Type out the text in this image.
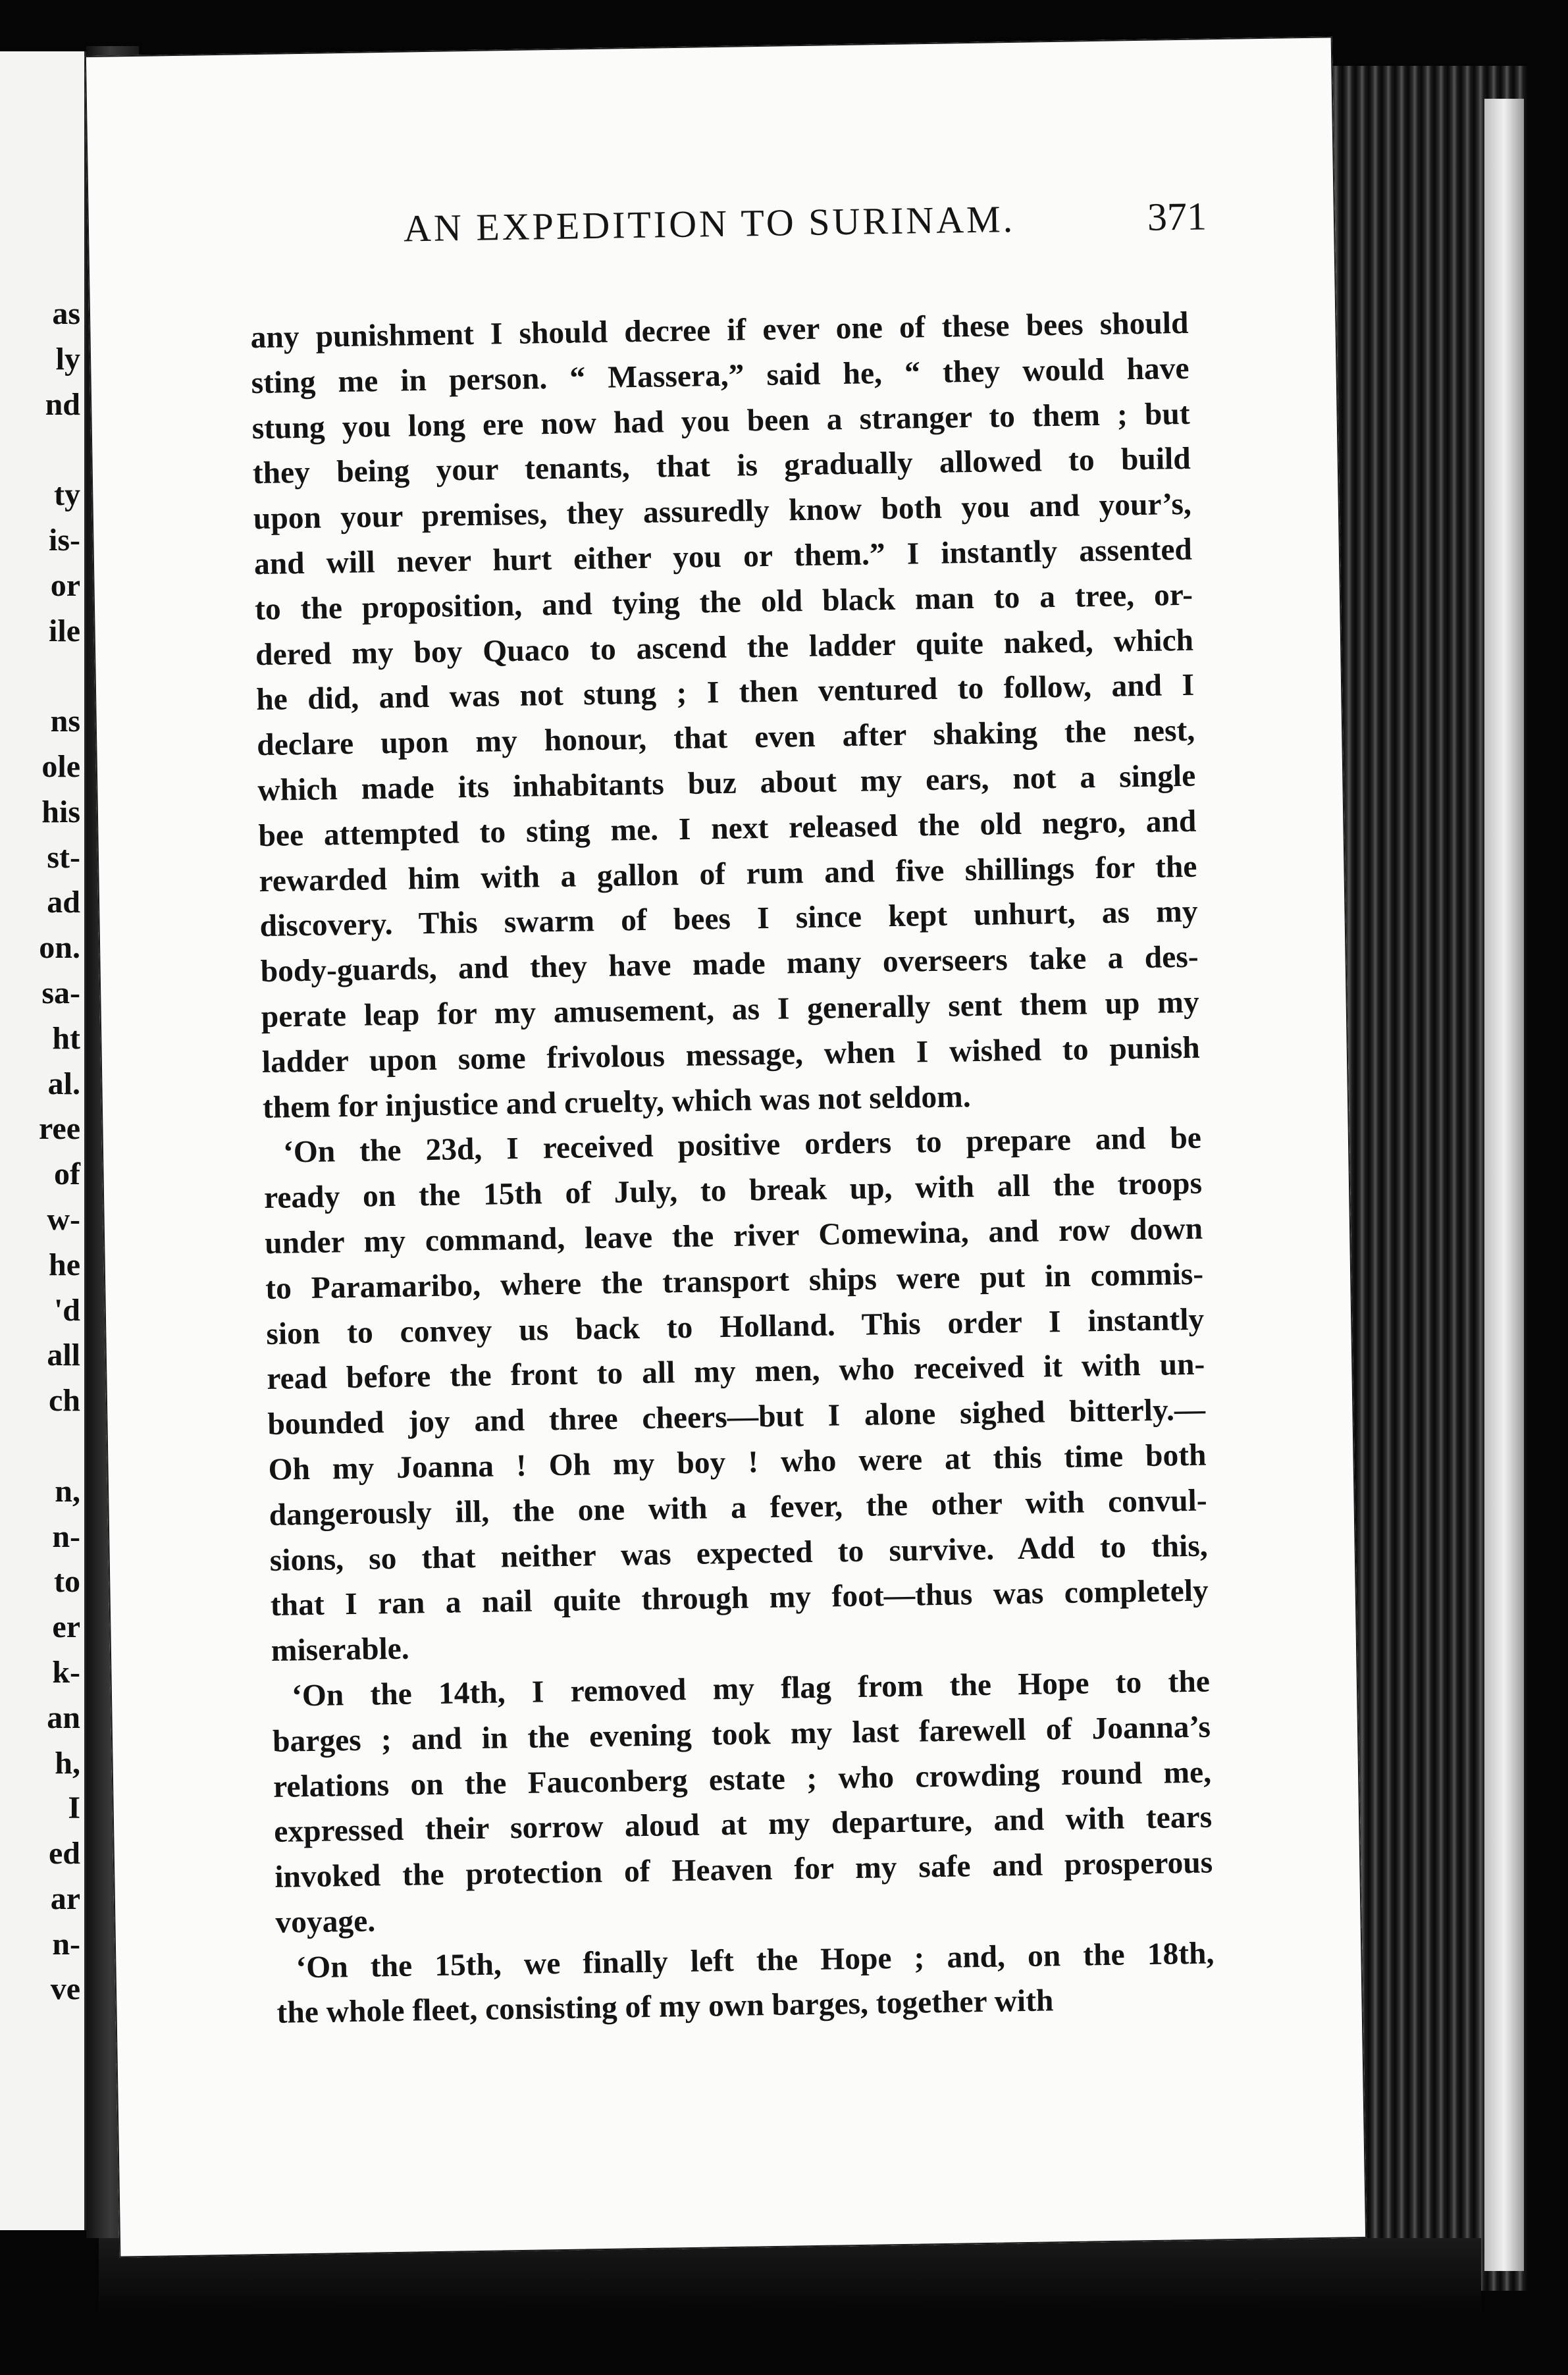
as
ly
nd
ty
is-
or
ile
ns
ole
his
st-
ad
on.
sa-
ht
al.
ree
of
w-
he
'd
all
ch
n,
n-
to
er
k-
an
h,
I
ed
ar
n-
ve
AN EXPEDITION TO SURINAM.	371
any punishment I should decree if ever one of these bees should
sting me in person. “ Massera,” said he, “ they would have
stung you long ere now had you been a stranger to them ; but
they being your tenants, that is gradually allowed to build
upon your premises, they assuredly know both you and your’s,
and will never hurt either you or them.” I instantly assented
to the proposition, and tying the old black man to a tree, or-
dered my boy Quaco to ascend the ladder quite naked, which
he did, and was not stung ; I then ventured to follow, and I
declare upon my honour, that even after shaking the nest,
which made its inhabitants buz about my ears, not a single
bee attempted to sting me. I next released the old negro, and
rewarded him with a gallon of rum and five shillings for the
discovery. This swarm of bees I since kept unhurt, as my
body-guards, and they have made many overseers take a des-
perate leap for my amusement, as I generally sent them up my
ladder upon some frivolous message, when I wished to punish
them for injustice and cruelty, which was not seldom.
‘On the 23d, I received positive orders to prepare and be
ready on the 15th of July, to break up, with all the troops
under my command, leave the river Comewina, and row down
to Paramaribo, where the transport ships were put in commis-
sion to convey us back to Holland. This order I instantly
read before the front to all my men, who received it with un-
bounded joy and three cheers—but I alone sighed bitterly.—
Oh my Joanna ! Oh my boy ! who were at this time both
dangerously ill, the one with a fever, the other with convul-
sions, so that neither was expected to survive. Add to this,
that I ran a nail quite through my foot—thus was completely
miserable.
‘On the 14th, I removed my flag from the Hope to the
barges ; and in the evening took my last farewell of Joanna’s
relations on the Fauconberg estate ; who crowding round me,
expressed their sorrow aloud at my departure, and with tears
invoked the protection of Heaven for my safe and prosperous
voyage.
‘On the 15th, we finally left the Hope ; and, on the 18th,
the whole fleet, consisting of my own barges, together with
